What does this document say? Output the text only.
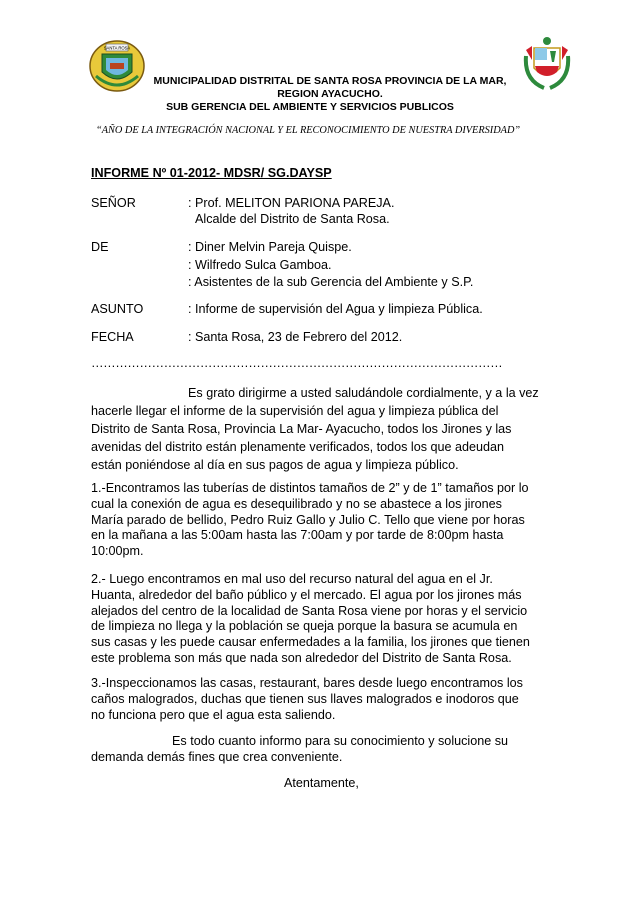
SANTA ROSA
MUNICIPALIDAD DISTRITAL DE SANTA ROSA PROVINCIA DE LA MAR,
REGION AYACUCHO.
SUB GERENCIA DEL AMBIENTE Y SERVICIOS PUBLICOS
“AÑO DE LA INTEGRACIÓN NACIONAL Y EL RECONOCIMIENTO DE NUESTRA DIVERSIDAD”
INFORME Nº 01-2012- MDSR/ SG.DAYSP
SEÑOR	: Prof. MELITON PARIONA PAREJA.
Alcalde del Distrito de Santa Rosa.
DE	: Diner Melvin Pareja Quispe.
: Wilfredo Sulca Gamboa.
: Asistentes de la sub Gerencia del Ambiente y S.P.
ASUNTO	: Informe de supervisión del Agua y limpieza Pública.
FECHA	: Santa Rosa, 23 de Febrero del 2012.
…………………………………………………………………………………………
Es grato dirigirme a usted saludándole cordialmente, y a la vez
hacerle llegar el informe de la supervisión del agua y limpieza pública del
Distrito de Santa Rosa, Provincia La Mar- Ayacucho, todos los Jirones y las
avenidas del distrito están plenamente verificados, todos los que adeudan
están poniéndose al día en sus pagos de agua y limpieza público.
1.-Encontramos las tuberías de distintos tamaños de 2” y de 1” tamaños por lo
cual la conexión de agua es desequilibrado y no se abastece a los jirones
María parado de bellido, Pedro Ruiz Gallo y Julio C. Tello que viene por horas
en la mañana a las 5:00am hasta las 7:00am y por tarde de 8:00pm hasta
10:00pm.
2.- Luego encontramos en mal uso del recurso natural del agua en el Jr.
Huanta, alrededor del baño público y el mercado. El agua por los jirones más
alejados del centro de la localidad de Santa Rosa viene por horas y el servicio
de limpieza no llega y la población se queja porque la basura se acumula en
sus casas y les puede causar enfermedades a la familia, los jirones que tienen
este problema son más que nada son alrededor del Distrito de Santa Rosa.
3.-Inspeccionamos las casas, restaurant, bares desde luego encontramos los
caños malogrados, duchas que tienen sus llaves malogrados e inodoros que
no funciona pero que el agua esta saliendo.
Es todo cuanto informo para su conocimiento y solucione su
demanda demás fines que crea conveniente.
Atentamente,
